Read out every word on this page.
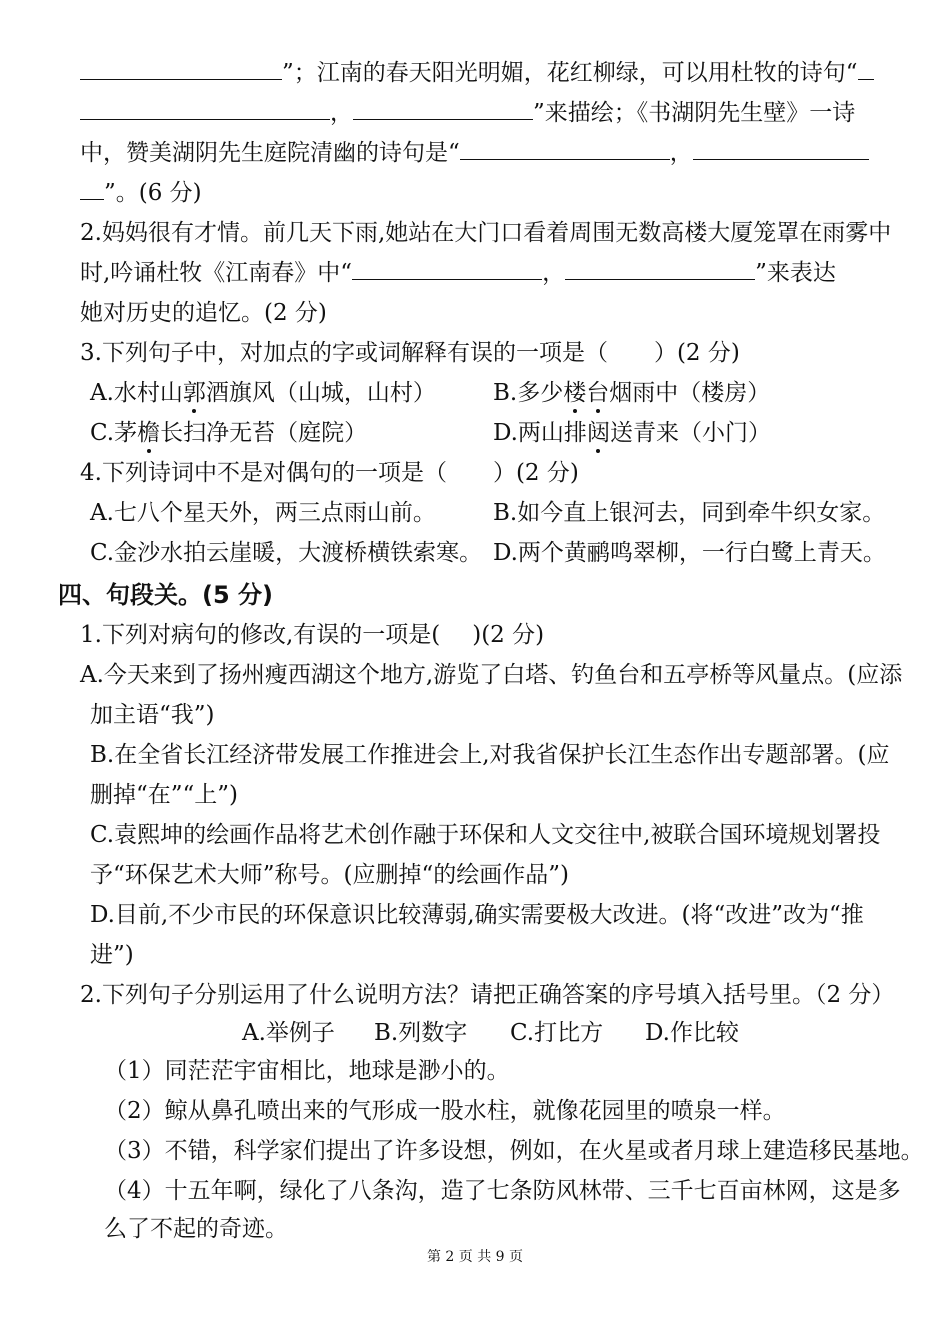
”；江南的春天阳光明媚，花红柳绿，可以用杜牧的诗句“
，	”来描绘；《书湖阴先生壁》一诗
中，赞美湖阴先生庭院清幽的诗句是“	，
”。(6 分)
2.妈妈很有才情。前几天下雨,她站在大门口看着周围无数高楼大厦笼罩在雨雾中
时,吟诵杜牧《江南春》中“	，	”来表达
她对历史的追忆。(2 分)
3.下列句子中，对加点的字或词解释有误的一项是（ ）(2 分)
A.水村山郭酒旗风（山城，山村） B.多少楼台烟雨中（楼房）
C.茅檐长扫净无苔（庭院）	D.两山排闼送青来（小门）
4.下列诗词中不是对偶句的一项是（ ）(2 分)
A.七八个星天外，两三点雨山前。 B.如今直上银河去，同到牵牛织女家。
C.金沙水拍云崖暖，大渡桥横铁索寒。 D.两个黄鹂鸣翠柳，一行白鹭上青天。
四、句段关。(5 分)
1.下列对病句的修改,有误的一项是( )(2 分)
A.今天来到了扬州瘦西湖这个地方,游览了白塔、钓鱼台和五亭桥等风量点。(应添
加主语“我”)
B.在全省长江经济带发展工作推进会上,对我省保护长江生态作出专题部署。(应
删掉“在”“上”)
C.袁熙坤的绘画作品将艺术创作融于环保和人文交往中,被联合国环境规划署投
予“环保艺术大师”称号。(应删掉“的绘画作品”)
D.目前,不少市民的环保意识比较薄弱,确实需要极大改进。(将“改进”改为“推
进”)
2.下列句子分别运用了什么说明方法？请把正确答案的序号填入括号里。（2 分）
A.举例子 B.列数字 C.打比方 D.作比较
（1）同茫茫宇宙相比，地球是渺小的。
（2）鲸从鼻孔喷出来的气形成一股水柱，就像花园里的喷泉一样。
（3）不错，科学家们提出了许多设想，例如，在火星或者月球上建造移民基地。
（4）十五年啊，绿化了八条沟，造了七条防风林带、三千七百亩林网，这是多
么了不起的奇迹。
第 2 页 共 9 页
